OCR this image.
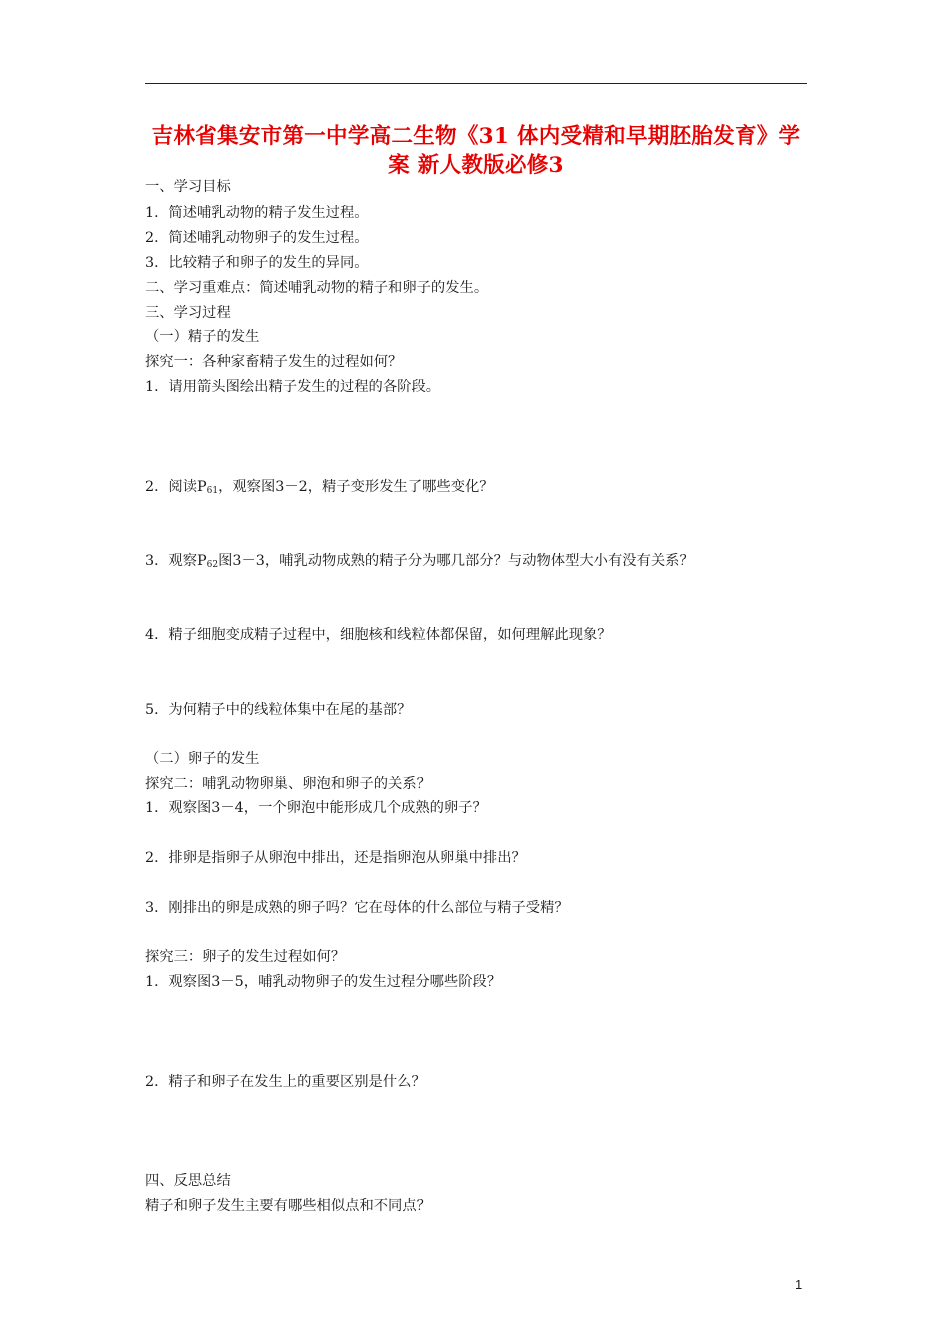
吉林省集安市第一中学高二生物《31 体内受精和早期胚胎发育》学
案 新人教版必修3
一、学习目标
1．简述哺乳动物的精子发生过程。
2．简述哺乳动物卵子的发生过程。
3．比较精子和卵子的发生的异同。
二、学习重难点：简述哺乳动物的精子和卵子的发生。
三、学习过程
（一）精子的发生
探究一：各种家畜精子发生的过程如何？
1．请用箭头图绘出精子发生的过程的各阶段。
2．阅读$P_{61}$，观察图3－2，精子变形发生了哪些变化？
3．观察$P_{62}$图3－3，哺乳动物成熟的精子分为哪几部分？与动物体型大小有没有关系？
4．精子细胞变成精子过程中，细胞核和线粒体都保留，如何理解此现象？
5．为何精子中的线粒体集中在尾的基部？
（二）卵子的发生
探究二：哺乳动物卵巢、卵泡和卵子的关系？
1．观察图3－4，一个卵泡中能形成几个成熟的卵子？
2．排卵是指卵子从卵泡中排出，还是指卵泡从卵巢中排出？
3．刚排出的卵是成熟的卵子吗？它在母体的什么部位与精子受精？
探究三：卵子的发生过程如何？
1．观察图3－5，哺乳动物卵子的发生过程分哪些阶段？
2．精子和卵子在发生上的重要区别是什么？
四、反思总结
精子和卵子发生主要有哪些相似点和不同点？
1
